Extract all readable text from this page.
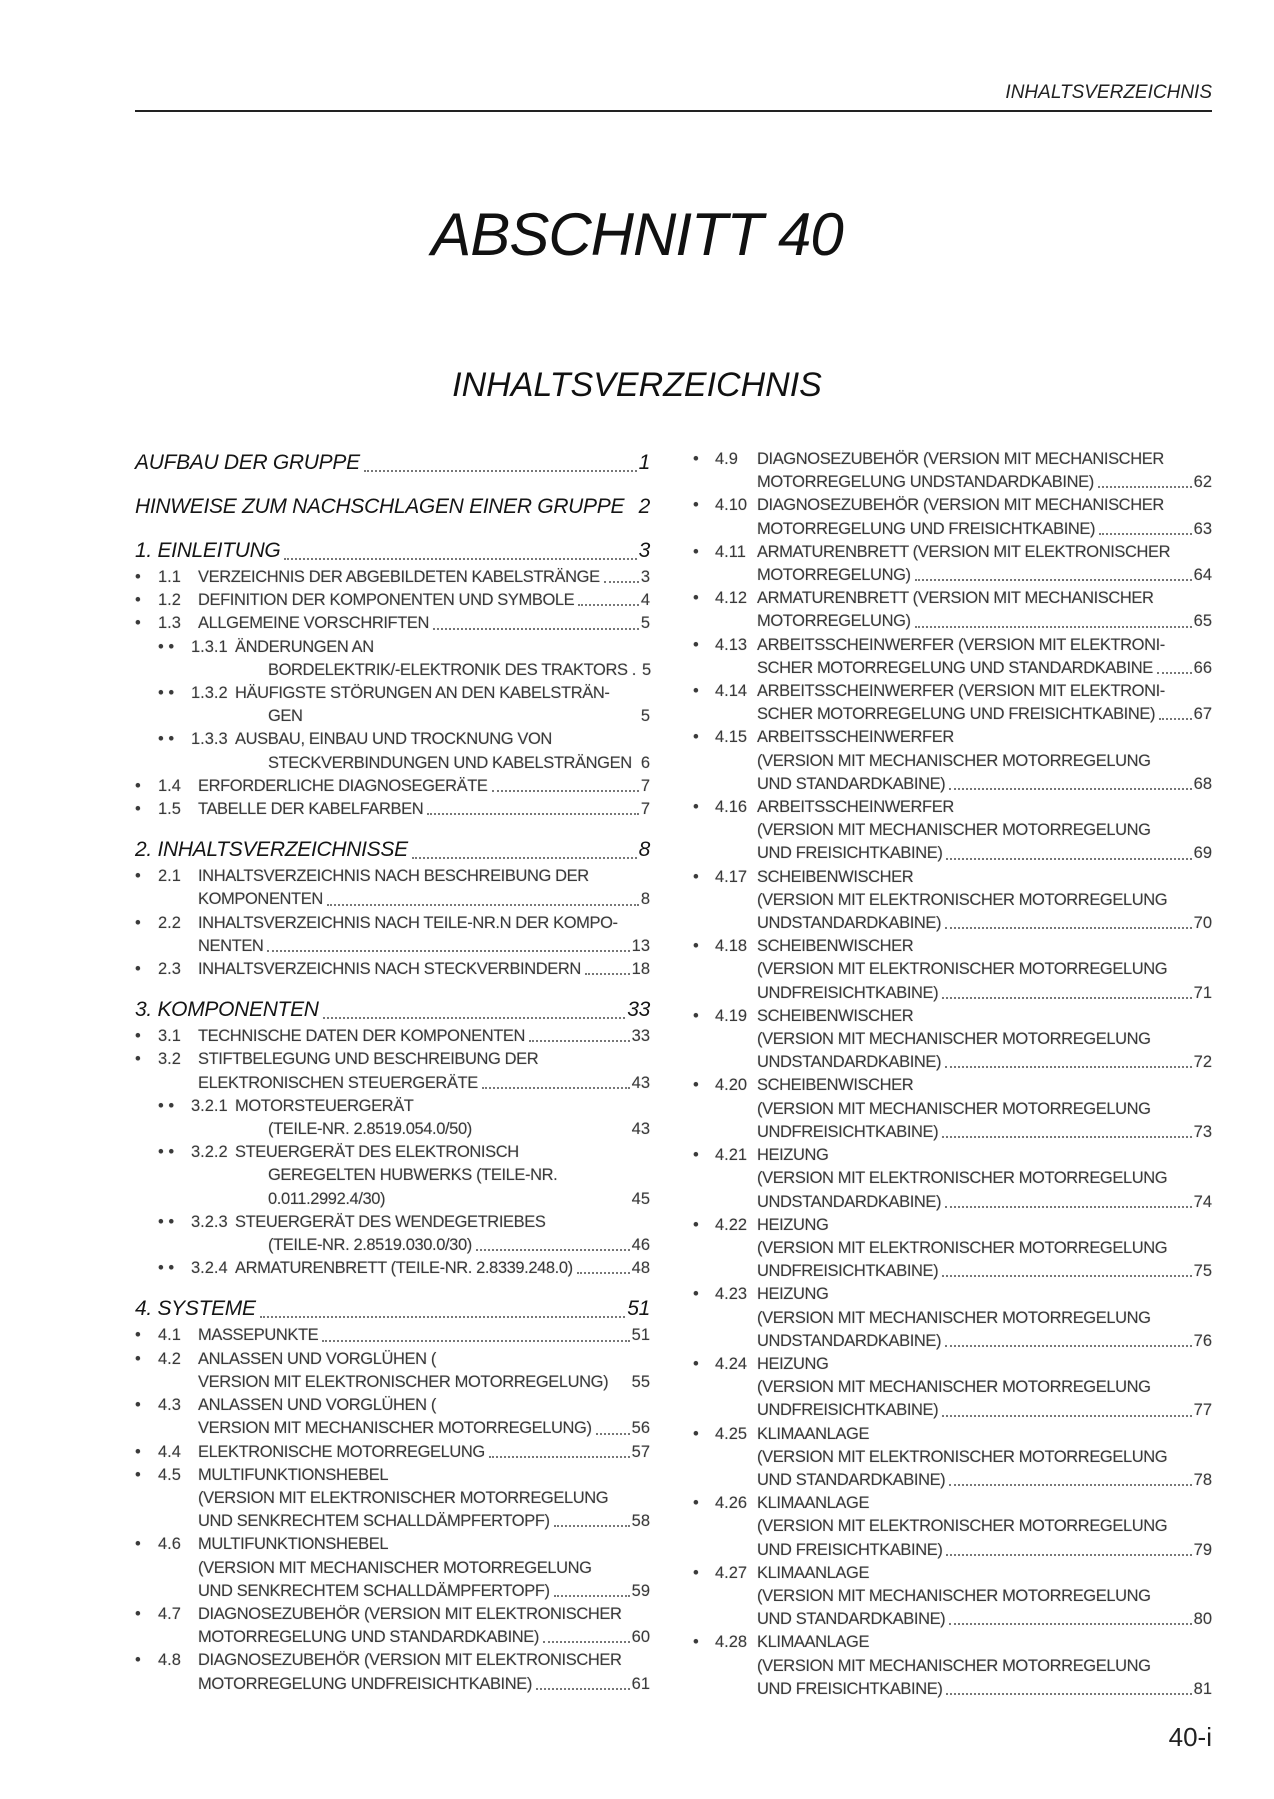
INHALTSVERZEICHNIS
ABSCHNITT 40
INHALTSVERZEICHNIS
AUFBAU DER GRUPPE	1
HINWEISE ZUM NACHSCHLAGEN EINER GRUPPE 2
1. EINLEITUNG	3
• 1.1 VERZEICHNIS DER ABGEBILDETEN KABELSTRÄNGE 3
• 1.2 DEFINITION DER KOMPONENTEN UND SYMBOLE	4
• 1.3 ALLGEMEINE VORSCHRIFTEN	5
• • 1.3.1 ÄNDERUNGEN AN
BORDELEKTRIK/-ELEKTRONIK DES TRAKTORS . 5
• • 1.3.2 HÄUFIGSTE STÖRUNGEN AN DEN KABELSTRÄN-
GEN	5
• • 1.3.3 AUSBAU, EINBAU UND TROCKNUNG VON
STECKVERBINDUNGEN UND KABELSTRÄNGEN 6
• 1.4 ERFORDERLICHE DIAGNOSEGERÄTE	7
• 1.5 TABELLE DER KABELFARBEN	7
2. INHALTSVERZEICHNISSE	8
• 2.1 INHALTSVERZEICHNIS NACH BESCHREIBUNG DER
KOMPONENTEN	8
• 2.2 INHALTSVERZEICHNIS NACH TEILE-NR.N DER KOMPO-
NENTEN	13
• 2.3 INHALTSVERZEICHNIS NACH STECKVERBINDERN	18
3. KOMPONENTEN	33
• 3.1 TECHNISCHE DATEN DER KOMPONENTEN	33
• 3.2 STIFTBELEGUNG UND BESCHREIBUNG DER
ELEKTRONISCHEN STEUERGERÄTE	43
• • 3.2.1 MOTORSTEUERGERÄT
(TEILE-NR. 2.8519.054.0/50)	43
• • 3.2.2 STEUERGERÄT DES ELEKTRONISCH
GEREGELTEN HUBWERKS (TEILE-NR.
0.011.2992.4/30)	45
• • 3.2.3 STEUERGERÄT DES WENDEGETRIEBES
(TEILE-NR. 2.8519.030.0/30)	46
• • 3.2.4 ARMATURENBRETT (TEILE-NR. 2.8339.248.0)	48
4. SYSTEME	51
• 4.1 MASSEPUNKTE	51
• 4.2 ANLASSEN UND VORGLÜHEN (
VERSION MIT ELEKTRONISCHER MOTORREGELUNG) 55
• 4.3 ANLASSEN UND VORGLÜHEN (
VERSION MIT MECHANISCHER MOTORREGELUNG) 56
• 4.4 ELEKTRONISCHE MOTORREGELUNG	57
• 4.5 MULTIFUNKTIONSHEBEL
(VERSION MIT ELEKTRONISCHER MOTORREGELUNG
UND SENKRECHTEM SCHALLDÄMPFERTOPF)	58
• 4.6 MULTIFUNKTIONSHEBEL
(VERSION MIT MECHANISCHER MOTORREGELUNG
UND SENKRECHTEM SCHALLDÄMPFERTOPF)	59
• 4.7 DIAGNOSEZUBEHÖR (VERSION MIT ELEKTRONISCHER
MOTORREGELUNG UND STANDARDKABINE)	60
• 4.8 DIAGNOSEZUBEHÖR (VERSION MIT ELEKTRONISCHER
MOTORREGELUNG UNDFREISICHTKABINE)	61
• 4.9 DIAGNOSEZUBEHÖR (VERSION MIT MECHANISCHER
MOTORREGELUNG UNDSTANDARDKABINE)	62
• 4.10 DIAGNOSEZUBEHÖR (VERSION MIT MECHANISCHER
MOTORREGELUNG UND FREISICHTKABINE)	63
• 4.11 ARMATURENBRETT (VERSION MIT ELEKTRONISCHER
MOTORREGELUNG)	64
• 4.12 ARMATURENBRETT (VERSION MIT MECHANISCHER
MOTORREGELUNG)	65
• 4.13 ARBEITSSCHEINWERFER (VERSION MIT ELEKTRONI-
SCHER MOTORREGELUNG UND STANDARDKABINE 66
• 4.14 ARBEITSSCHEINWERFER (VERSION MIT ELEKTRONI-
SCHER MOTORREGELUNG UND FREISICHTKABINE) 67
• 4.15 ARBEITSSCHEINWERFER
(VERSION MIT MECHANISCHER MOTORREGELUNG
UND STANDARDKABINE)	68
• 4.16 ARBEITSSCHEINWERFER
(VERSION MIT MECHANISCHER MOTORREGELUNG
UND FREISICHTKABINE)	69
• 4.17 SCHEIBENWISCHER
(VERSION MIT ELEKTRONISCHER MOTORREGELUNG
UNDSTANDARDKABINE)	70
• 4.18 SCHEIBENWISCHER
(VERSION MIT ELEKTRONISCHER MOTORREGELUNG
UNDFREISICHTKABINE)	71
• 4.19 SCHEIBENWISCHER
(VERSION MIT MECHANISCHER MOTORREGELUNG
UNDSTANDARDKABINE)	72
• 4.20 SCHEIBENWISCHER
(VERSION MIT MECHANISCHER MOTORREGELUNG
UNDFREISICHTKABINE)	73
• 4.21 HEIZUNG
(VERSION MIT ELEKTRONISCHER MOTORREGELUNG
UNDSTANDARDKABINE)	74
• 4.22 HEIZUNG
(VERSION MIT ELEKTRONISCHER MOTORREGELUNG
UNDFREISICHTKABINE)	75
• 4.23 HEIZUNG
(VERSION MIT MECHANISCHER MOTORREGELUNG
UNDSTANDARDKABINE)	76
• 4.24 HEIZUNG
(VERSION MIT MECHANISCHER MOTORREGELUNG
UNDFREISICHTKABINE)	77
• 4.25 KLIMAANLAGE
(VERSION MIT ELEKTRONISCHER MOTORREGELUNG
UND STANDARDKABINE)	78
• 4.26 KLIMAANLAGE
(VERSION MIT ELEKTRONISCHER MOTORREGELUNG
UND FREISICHTKABINE)	79
• 4.27 KLIMAANLAGE
(VERSION MIT MECHANISCHER MOTORREGELUNG
UND STANDARDKABINE)	80
• 4.28 KLIMAANLAGE
(VERSION MIT MECHANISCHER MOTORREGELUNG
UND FREISICHTKABINE)	81
40-i
